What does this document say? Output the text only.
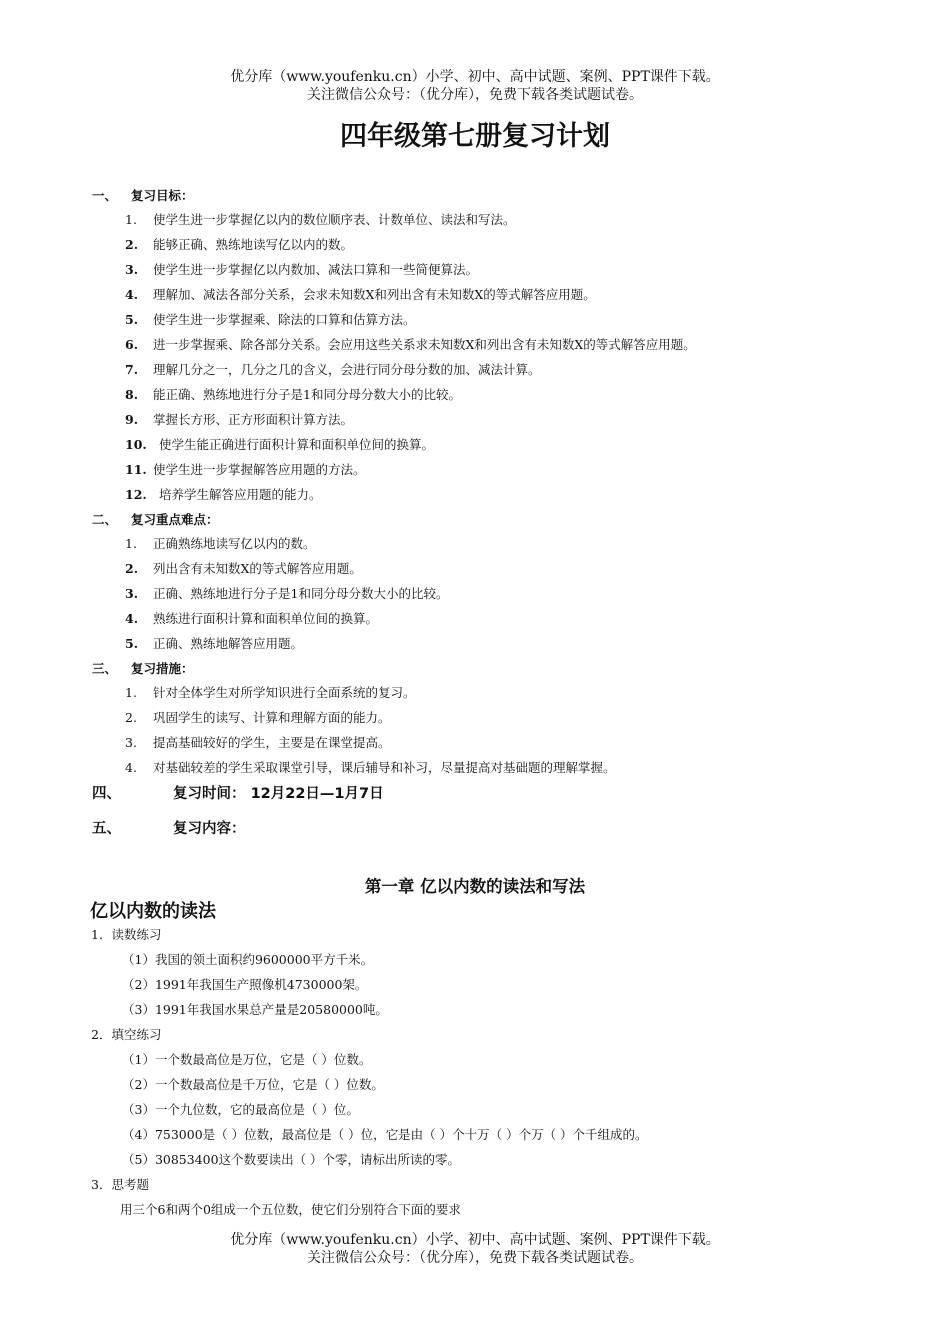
优分库（www.youfenku.cn）小学、初中、高中试题、案例、PPT课件下载。
关注微信公众号：（优分库），免费下载各类试题试卷。
四年级第七册复习计划
一、 复习目标：
1. 使学生进一步掌握亿以内的数位顺序表、计数单位、读法和写法。
2. 能够正确、熟练地读写亿以内的数。
3. 使学生进一步掌握亿以内数加、减法口算和一些简便算法。
4. 理解加、减法各部分关系，会求未知数X和列出含有未知数X的等式解答应用题。
5. 使学生进一步掌握乘、除法的口算和估算方法。
6. 进一步掌握乘、除各部分关系。会应用这些关系求未知数X和列出含有未知数X的等式解答应用题。
7. 理解几分之一，几分之几的含义，会进行同分母分数的加、减法计算。
8. 能正确、熟练地进行分子是1和同分母分数大小的比较。
9. 掌握长方形、正方形面积计算方法。
10. 使学生能正确进行面积计算和面积单位间的换算。
11. 使学生进一步掌握解答应用题的方法。
12. 培养学生解答应用题的能力。
二、 复习重点难点：
1. 正确熟练地读写亿以内的数。
2. 列出含有未知数X的等式解答应用题。
3. 正确、熟练地进行分子是1和同分母分数大小的比较。
4. 熟练进行面积计算和面积单位间的换算。
5. 正确、熟练地解答应用题。
三、 复习措施：
1. 针对全体学生对所学知识进行全面系统的复习。
2. 巩固学生的读写、计算和理解方面的能力。
3. 提高基础较好的学生，主要是在课堂提高。
4. 对基础较差的学生采取课堂引导，课后辅导和补习，尽量提高对基础题的理解掌握。
四、	复习时间： 12月22日—1月7日
五、	复习内容：
第一章 亿以内数的读法和写法
亿以内数的读法
1．读数练习
（1）我国的领土面积约9600000平方千米。
（2）1991年我国生产照像机4730000架。
（3）1991年我国水果总产量是20580000吨。
2．填空练习
（1）一个数最高位是万位，它是（ ）位数。
（2）一个数最高位是千万位，它是（ ）位数。
（3）一个九位数，它的最高位是（ ）位。
（4）753000是（ ）位数，最高位是（ ）位，它是由（ ）个十万（ ）个万（ ）个千组成的。
（5）30853400这个数要读出（ ）个零，请标出所读的零。
3．思考题
用三个6和两个0组成一个五位数，使它们分别符合下面的要求
优分库（www.youfenku.cn）小学、初中、高中试题、案例、PPT课件下载。
关注微信公众号：（优分库），免费下载各类试题试卷。
